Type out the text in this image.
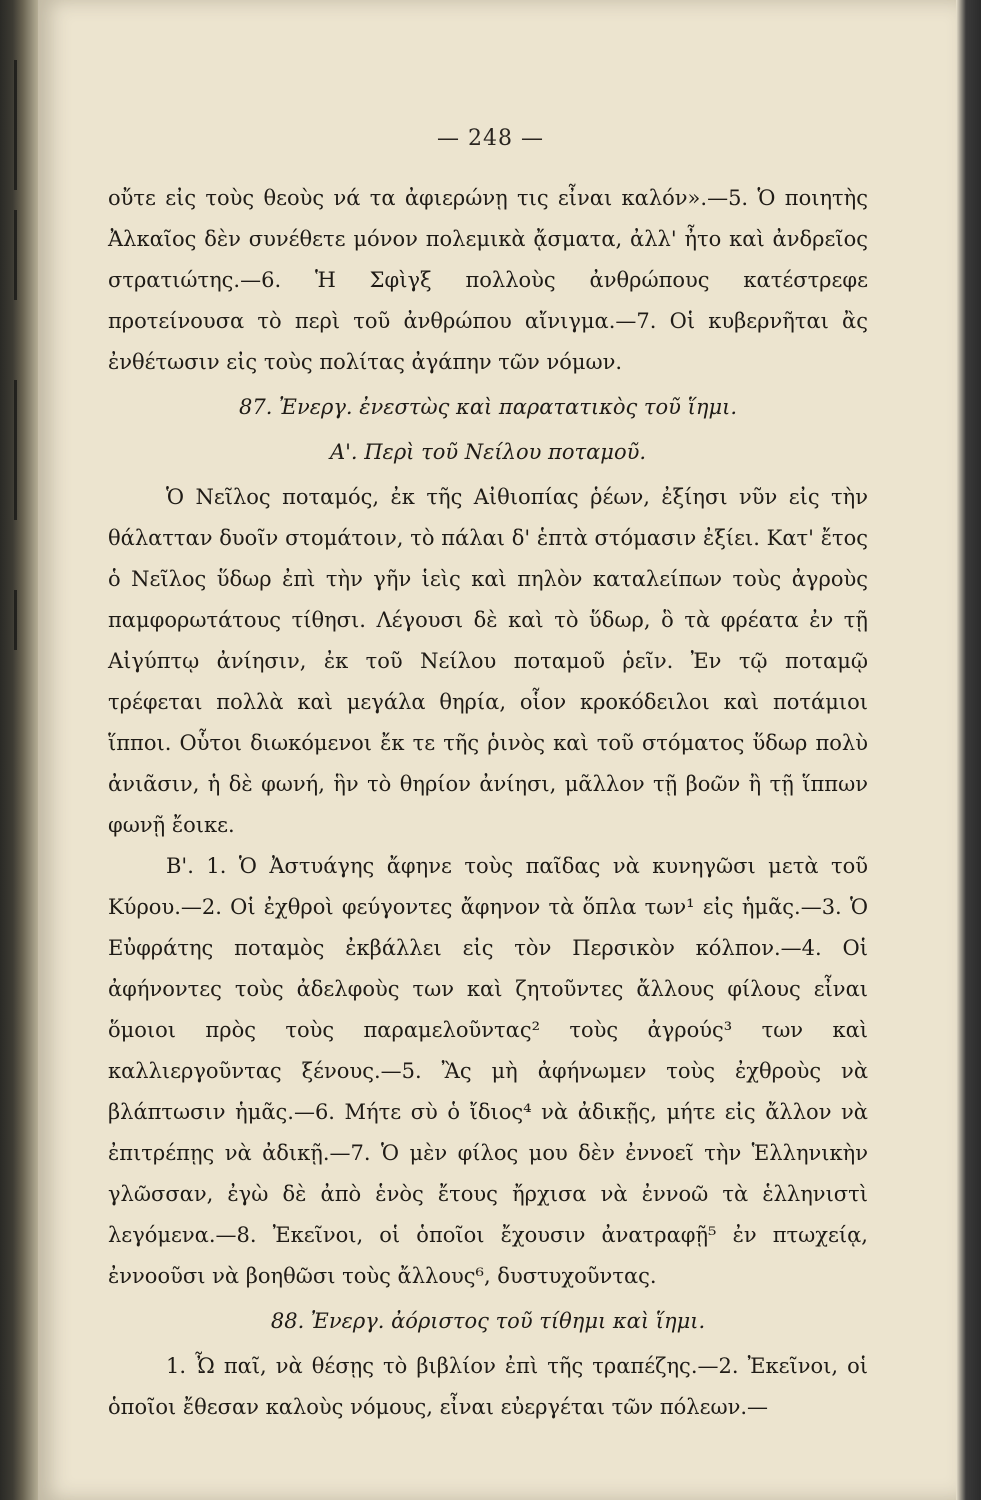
— 248 —

οὔτε εἰς τοὺς θεοὺς νά τα ἀφιερώνῃ τις εἶναι καλόν».—5. Ὁ ποιητὴς Ἀλκαῖος δὲν συνέθετε μόνον πολεμικὰ ᾄσματα, ἀλλ' ἦτο καὶ ἀνδρεῖος στρατιώτης.—6. Ἡ Σφὶγξ πολλοὺς ἀνθρώπους κατέστρεφε προτείνουσα τὸ περὶ τοῦ ἀνθρώπου αἴνιγμα.—7. Οἱ κυβερνῆται ἂς ἐνθέτωσιν εἰς τοὺς πολίτας ἀγάπην τῶν νόμων.

87. Ἐνεργ. ἐνεστὼς καὶ παρατατικὸς τοῦ ἵημι.

Α'. Περὶ τοῦ Νείλου ποταμοῦ.

Ὁ Νεῖλος ποταμός, ἐκ τῆς Αἰθιοπίας ῥέων, ἐξίησι νῦν εἰς τὴν θάλατταν δυοῖν στομάτοιν, τὸ πάλαι δ' ἑπτὰ στόμασιν ἐξίει. Κατ' ἔτος ὁ Νεῖλος ὕδωρ ἐπὶ τὴν γῆν ἱεὶς καὶ πηλὸν καταλείπων τοὺς ἀγροὺς παμφορωτάτους τίθησι. Λέγουσι δὲ καὶ τὸ ὕδωρ, ὃ τὰ φρέατα ἐν τῇ Αἰγύπτῳ ἀνίησιν, ἐκ τοῦ Νείλου ποταμοῦ ῥεῖν. Ἐν τῷ ποταμῷ τρέφεται πολλὰ καὶ μεγάλα θηρία, οἷον κροκόδειλοι καὶ ποτάμιοι ἵπποι. Οὗτοι διωκόμενοι ἔκ τε τῆς ῥινὸς καὶ τοῦ στόματος ὕδωρ πολὺ ἀνιᾶσιν, ἡ δὲ φωνή, ἣν τὸ θηρίον ἀνίησι, μᾶλλον τῇ βοῶν ἢ τῇ ἵππων φωνῇ ἔοικε.

Β'. 1. Ὁ Ἀστυάγης ἄφηνε τοὺς παῖδας νὰ κυνηγῶσι μετὰ τοῦ Κύρου.—2. Οἱ ἐχθροὶ φεύγοντες ἄφηνον τὰ ὅπλα των¹ εἰς ἡμᾶς.—3. Ὁ Εὐφράτης ποταμὸς ἐκβάλλει εἰς τὸν Περσικὸν κόλπον.—4. Οἱ ἀφήνοντες τοὺς ἀδελφοὺς των καὶ ζητοῦντες ἄλλους φίλους εἶναι ὅμοιοι πρὸς τοὺς παραμελοῦντας² τοὺς ἀγρούς³ των καὶ καλλιεργοῦντας ξένους.—5. Ἂς μὴ ἀφήνωμεν τοὺς ἐχθροὺς νὰ βλάπτωσιν ἡμᾶς.—6. Μήτε σὺ ὁ ἴδιος⁴ νὰ ἀδικῇς, μήτε εἰς ἄλλον νὰ ἐπιτρέπῃς νὰ ἀδικῇ.—7. Ὁ μὲν φίλος μου δὲν ἐννοεῖ τὴν Ἑλληνικὴν γλῶσσαν, ἐγὼ δὲ ἀπὸ ἑνὸς ἔτους ἤρχισα νὰ ἐννοῶ τὰ ἑλληνιστὶ λεγόμενα.—8. Ἐκεῖνοι, οἱ ὁποῖοι ἔχουσιν ἀνατραφῇ⁵ ἐν πτωχείᾳ, ἐννοοῦσι νὰ βοηθῶσι τοὺς ἄλλους⁶, δυστυχοῦντας.

88. Ἐνεργ. ἀόριστος τοῦ τίθημι καὶ ἵημι.

1. Ὦ παῖ, νὰ θέσῃς τὸ βιβλίον ἐπὶ τῆς τραπέζης.—2. Ἐκεῖνοι, οἱ ὁποῖοι ἔθεσαν καλοὺς νόμους, εἶναι εὐεργέται τῶν πόλεων.—
